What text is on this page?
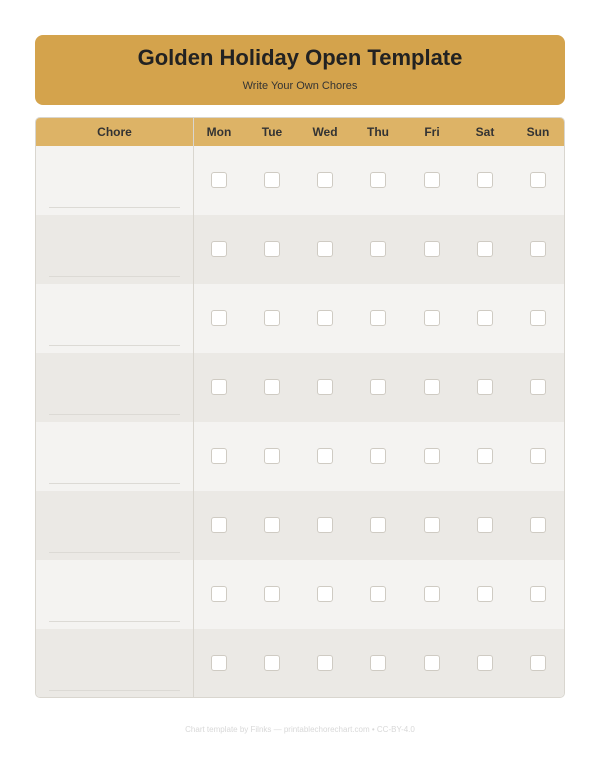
Golden Holiday Open Template
Write Your Own Chores
Chore	Mon	Tue	Wed	Thu	Fri	Sat	Sun
Chart template by Filnks — printablechorechart.com • CC-BY-4.0
